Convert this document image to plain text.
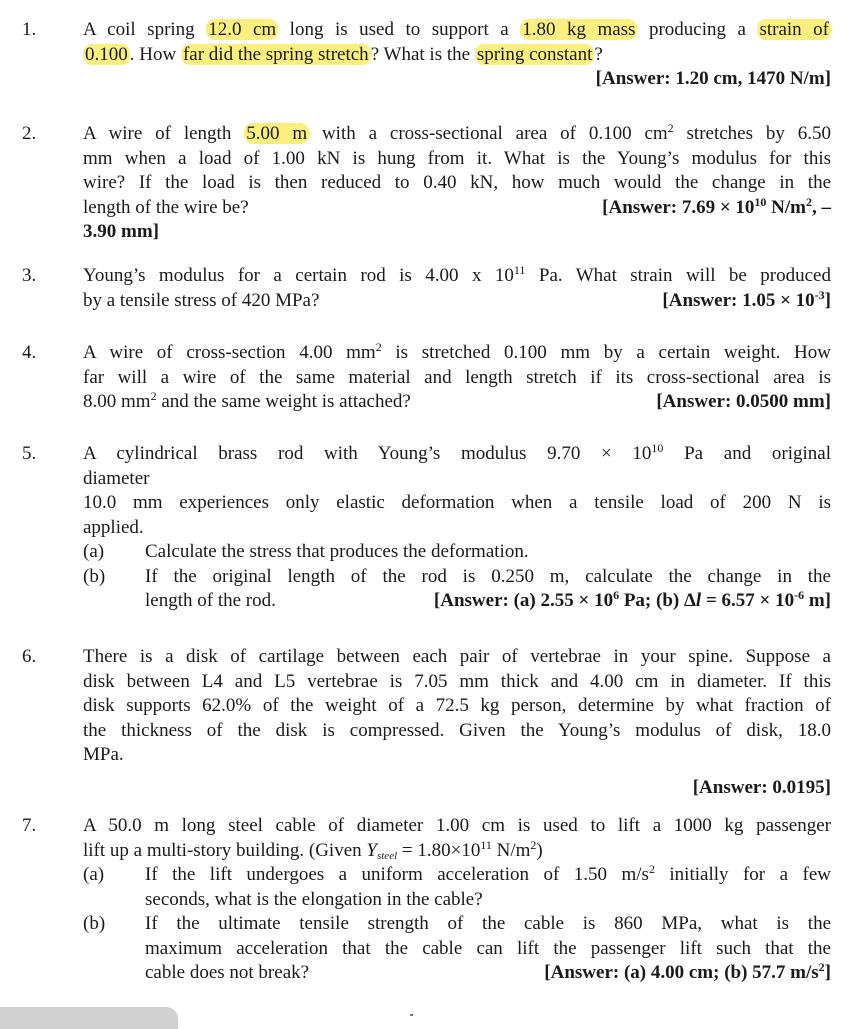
1. A coil spring 12.0 cm long is used to support a 1.80 kg mass producing a strain of
0.100 . How far did the spring stretch ? What is the spring constant ?
[Answer: 1.20 cm, 1470 N/m]
2. A wire of length 5.00 m with a cross-sectional area of 0.100 $cm^2$ stretches by 6.50
mm when a load of 1.00 kN is hung from it. What is the Young’s modulus for this
wire? If the load is then reduced to 0.40 kN, how much would the change in the
length of the wire be?	[Answer: $7.69 \times 10^{10}$ $N/m^2$, –
3.90 mm]
3. Young’s modulus for a certain rod is 4.00 x $10^{11}$ Pa. What strain will be produced
by a tensile stress of 420 MPa?	[Answer: $1.05 \times 10^{-3}$]
4. A wire of cross-section 4.00 $mm^2$ is stretched 0.100 mm by a certain weight. How
far will a wire of the same material and length stretch if its cross-sectional area is
8.00 $mm^2$ and the same weight is attached?	[Answer: 0.0500 mm]
5. A cylindrical brass rod with Young’s modulus $9.70 \times 10^{10}$ Pa and original
diameter
10.0 mm experiences only elastic deformation when a tensile load of 200 N is
applied.
(a) Calculate the stress that produces the deformation.
(b) If the original length of the rod is 0.250 m, calculate the change in the
length of the rod.	[Answer: (a) $2.55 \times 10^6$ Pa; (b) $\Delta l = 6.57 \times 10^{-6}$ m]
6. There is a disk of cartilage between each pair of vertebrae in your spine. Suppose a
disk between L4 and L5 vertebrae is 7.05 mm thick and 4.00 cm in diameter. If this
disk supports 62.0% of the weight of a 72.5 kg person, determine by what fraction of
the thickness of the disk is compressed. Given the Young’s modulus of disk, 18.0
MPa.
[Answer: 0.0195]
7. A 50.0 m long steel cable of diameter 1.00 cm is used to lift a 1000 kg passenger
lift up a multi-story building. (Given $Y_{steel} = 1.80\times 10^{11}$ $N/m^2$)
(a) If the lift undergoes a uniform acceleration of 1.50 $m/s^2$ initially for a few
seconds, what is the elongation in the cable?
(b) If the ultimate tensile strength of the cable is 860 MPa, what is the
maximum acceleration that the cable can lift the passenger lift such that the
cable does not break?	[Answer: (a) 4.00 cm; (b) 57.7 $m/s^2$]
